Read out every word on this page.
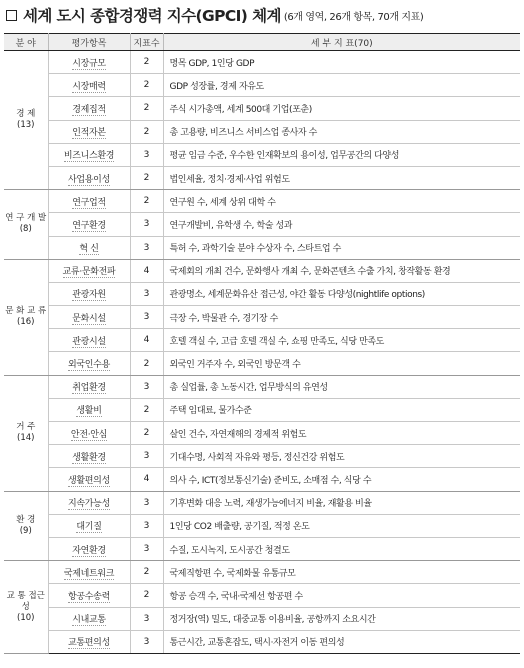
세계 도시 종합경쟁력 지수(GPCI) 체계 (6개 영역, 26개 항목, 70개 지표)
분 야	평가항목	지표수	세 부 지 표(70)

경 제
(13)	시장규모	2	명목 GDP, 1인당 GDP
	시장매력	2	GDP 성장률, 경제 자유도
	경제집적	2	주식 시가총액, 세계 500대 기업(포춘)
	인적자본	2	총 고용량, 비즈니스 서비스업 종사자 수
	비즈니스환경	3	평균 임금 수준, 우수한 인재확보의 용이성, 업무공간의 다양성
	사업용이성	2	법인세율, 정치·경제·사업 위험도

연 구 개 발
(8)	연구업적	2	연구원 수, 세계 상위 대학 수
	연구환경	3	연구개발비, 유학생 수, 학술 성과
	혁 신	3	특허 수, 과학기술 분야 수상자 수, 스타트업 수

문 화 교 류
(16)	교류·문화전파	4	국제회의 개최 건수, 문화행사 개최 수, 문화콘텐츠 수출 가치, 창작활동 환경
	관광자원	3	관광명소, 세계문화유산 접근성, 야간 활동 다양성(nightlife options)
	문화시설	3	극장 수, 박물관 수, 경기장 수
	관광시설	4	호텔 객실 수, 고급 호텔 객실 수, 쇼핑 만족도, 식당 만족도
	외국인수용	2	외국인 거주자 수, 외국인 방문객 수

거 주
(14)	취업환경	3	총 실업률, 총 노동시간, 업무방식의 유연성
	생활비	2	주택 임대료, 물가수준
	안전·안심	2	살인 건수, 자연재해의 경제적 위험도
	생활환경	3	기대수명, 사회적 자유와 평등, 정신건강 위험도
	생활편의성	4	의사 수, ICT(정보통신기술) 준비도, 소매점 수, 식당 수

환 경
(9)	지속가능성	3	기후변화 대응 노력, 재생가능에너지 비율, 재활용 비율
	대기질	3	1인당 CO2 배출량, 공기질, 적정 온도
	자연환경	3	수질, 도시녹지, 도시공간 청결도

교 통 접근성
(10)	국제네트워크	2	국제직항편 수, 국제화물 유통규모
	항공수송력	2	항공 승객 수, 국내·국제선 항공편 수
	시내교통	3	정거장(역) 밀도, 대중교통 이용비율, 공항까지 소요시간
	교통편의성	3	통근시간, 교통혼잡도, 택시·자전거 이동 편의성
